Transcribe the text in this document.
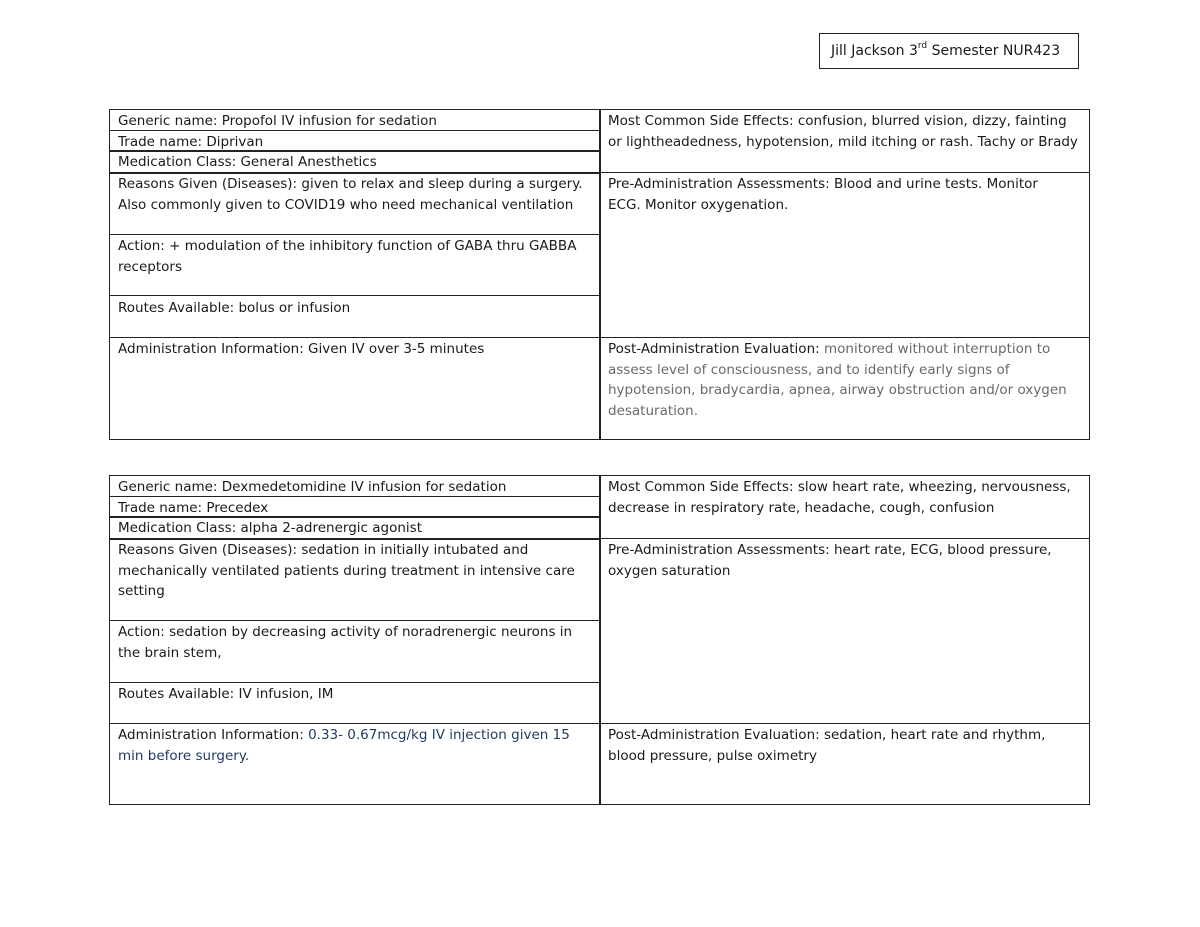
Jill Jackson 3rd Semester NUR423
Generic name: Propofol IV infusion for sedation
Trade name: Diprivan
Medication Class: General Anesthetics
Reasons Given (Diseases): given to relax and sleep during a surgery.
Also commonly given to COVID19 who need mechanical ventilation
Action: + modulation of the inhibitory function of GABA thru GABBA
receptors
Routes Available: bolus or infusion
Administration Information: Given IV over 3-5 minutes
Most Common Side Effects: confusion, blurred vision, dizzy, fainting
or lightheadedness, hypotension, mild itching or rash. Tachy or Brady
Pre-Administration Assessments: Blood and urine tests. Monitor
ECG. Monitor oxygenation.
Post-Administration Evaluation: monitored without interruption to
assess level of consciousness, and to identify early signs of
hypotension, bradycardia, apnea, airway obstruction and/or oxygen
desaturation.
Generic name: Dexmedetomidine IV infusion for sedation
Trade name: Precedex
Medication Class: alpha 2-adrenergic agonist
Reasons Given (Diseases): sedation in initially intubated and
mechanically ventilated patients during treatment in intensive care
setting
Action: sedation by decreasing activity of noradrenergic neurons in
the brain stem,
Routes Available: IV infusion, IM
Administration Information: 0.33- 0.67mcg/kg IV injection given 15
min before surgery.
Most Common Side Effects: slow heart rate, wheezing, nervousness,
decrease in respiratory rate, headache, cough, confusion
Pre-Administration Assessments: heart rate, ECG, blood pressure,
oxygen saturation
Post-Administration Evaluation: sedation, heart rate and rhythm,
blood pressure, pulse oximetry
